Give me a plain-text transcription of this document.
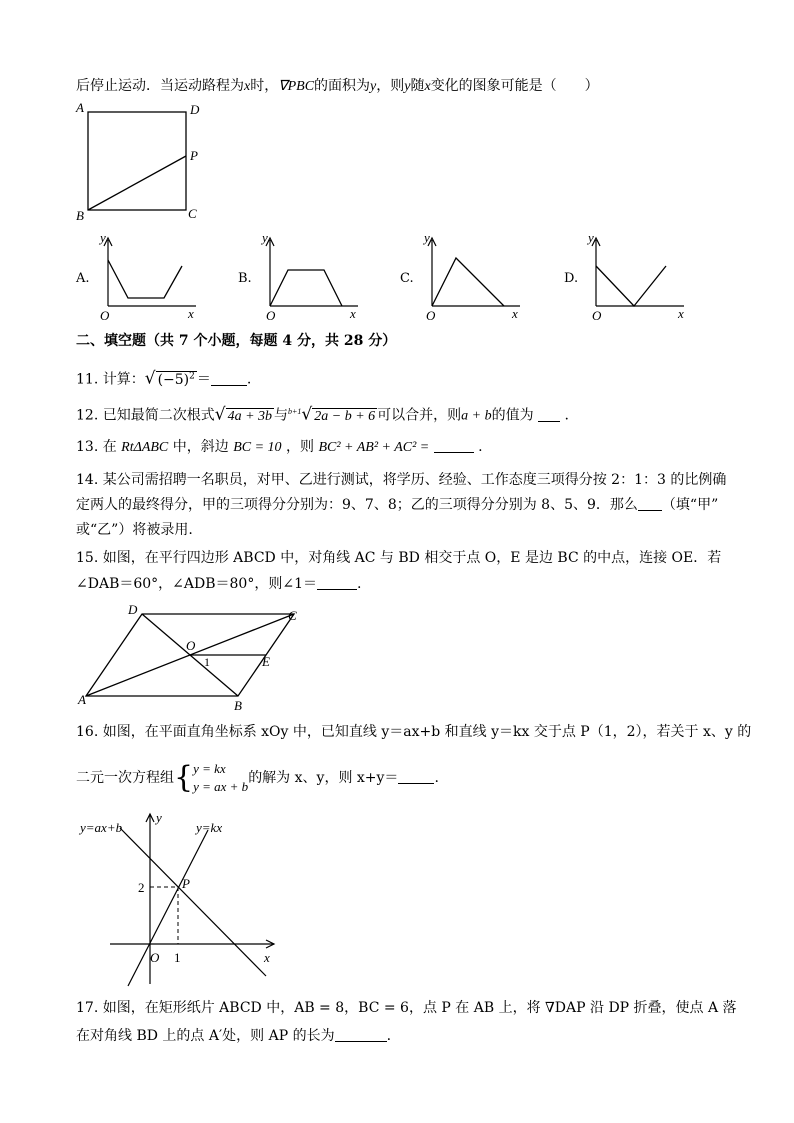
后停止运动．当运动路程为x时，∇PBC的面积为y，则y随x变化的图象可能是（　　）
A	D
P
B	C
A.
y
O	x
B.
y
O	x
C.
y
O	x
D.
y
O	x
二、填空题（共 7 个小题，每题 4 分，共 28 分）
11. 计算：√ $(-5)^2$ ＝	.
12. 已知最简二次根式√ 4a + 3b 与$^{b+1}$√ 2a − b + 6 可以合并，则a + b的值为 .
13. 在 RtΔABC 中，斜边 BC = 10 ，则 BC² + AB² + AC² =	.
14. 某公司需招聘一名职员，对甲、乙进行测试，将学历、经验、工作态度三项得分按 2：1：3 的比例确
定两人的最终得分，甲的三项得分分别为：9、7、8；乙的三项得分分别为 8、5、9．那么 （填“甲”
或“乙”）将被录用.
15. 如图，在平行四边形 ABCD 中，对角线 AC 与 BD 相交于点 O，E 是边 BC 的中点，连接 OE．若
∠DAB＝60°，∠ADB＝80°，则∠1＝	.
D	C
O
1	E
A	B
16. 如图，在平面直角坐标系 xOy 中，已知直线 y＝ax+b 和直线 y＝kx 交于点 P（1，2），若关于 x、y 的
二元一次方程组{ y = kx
y = ax + b
的解为 x、y，则 x+y＝	.
y=ax+b	y=kx
y
x
O
2
1
P
17. 如图，在矩形纸片 ABCD 中，AB = 8，BC = 6，点 P 在 AB 上，将 ∇DAP 沿 DP 折叠，使点 A 落
在对角线 BD 上的点 A′处，则 AP 的长为	.
